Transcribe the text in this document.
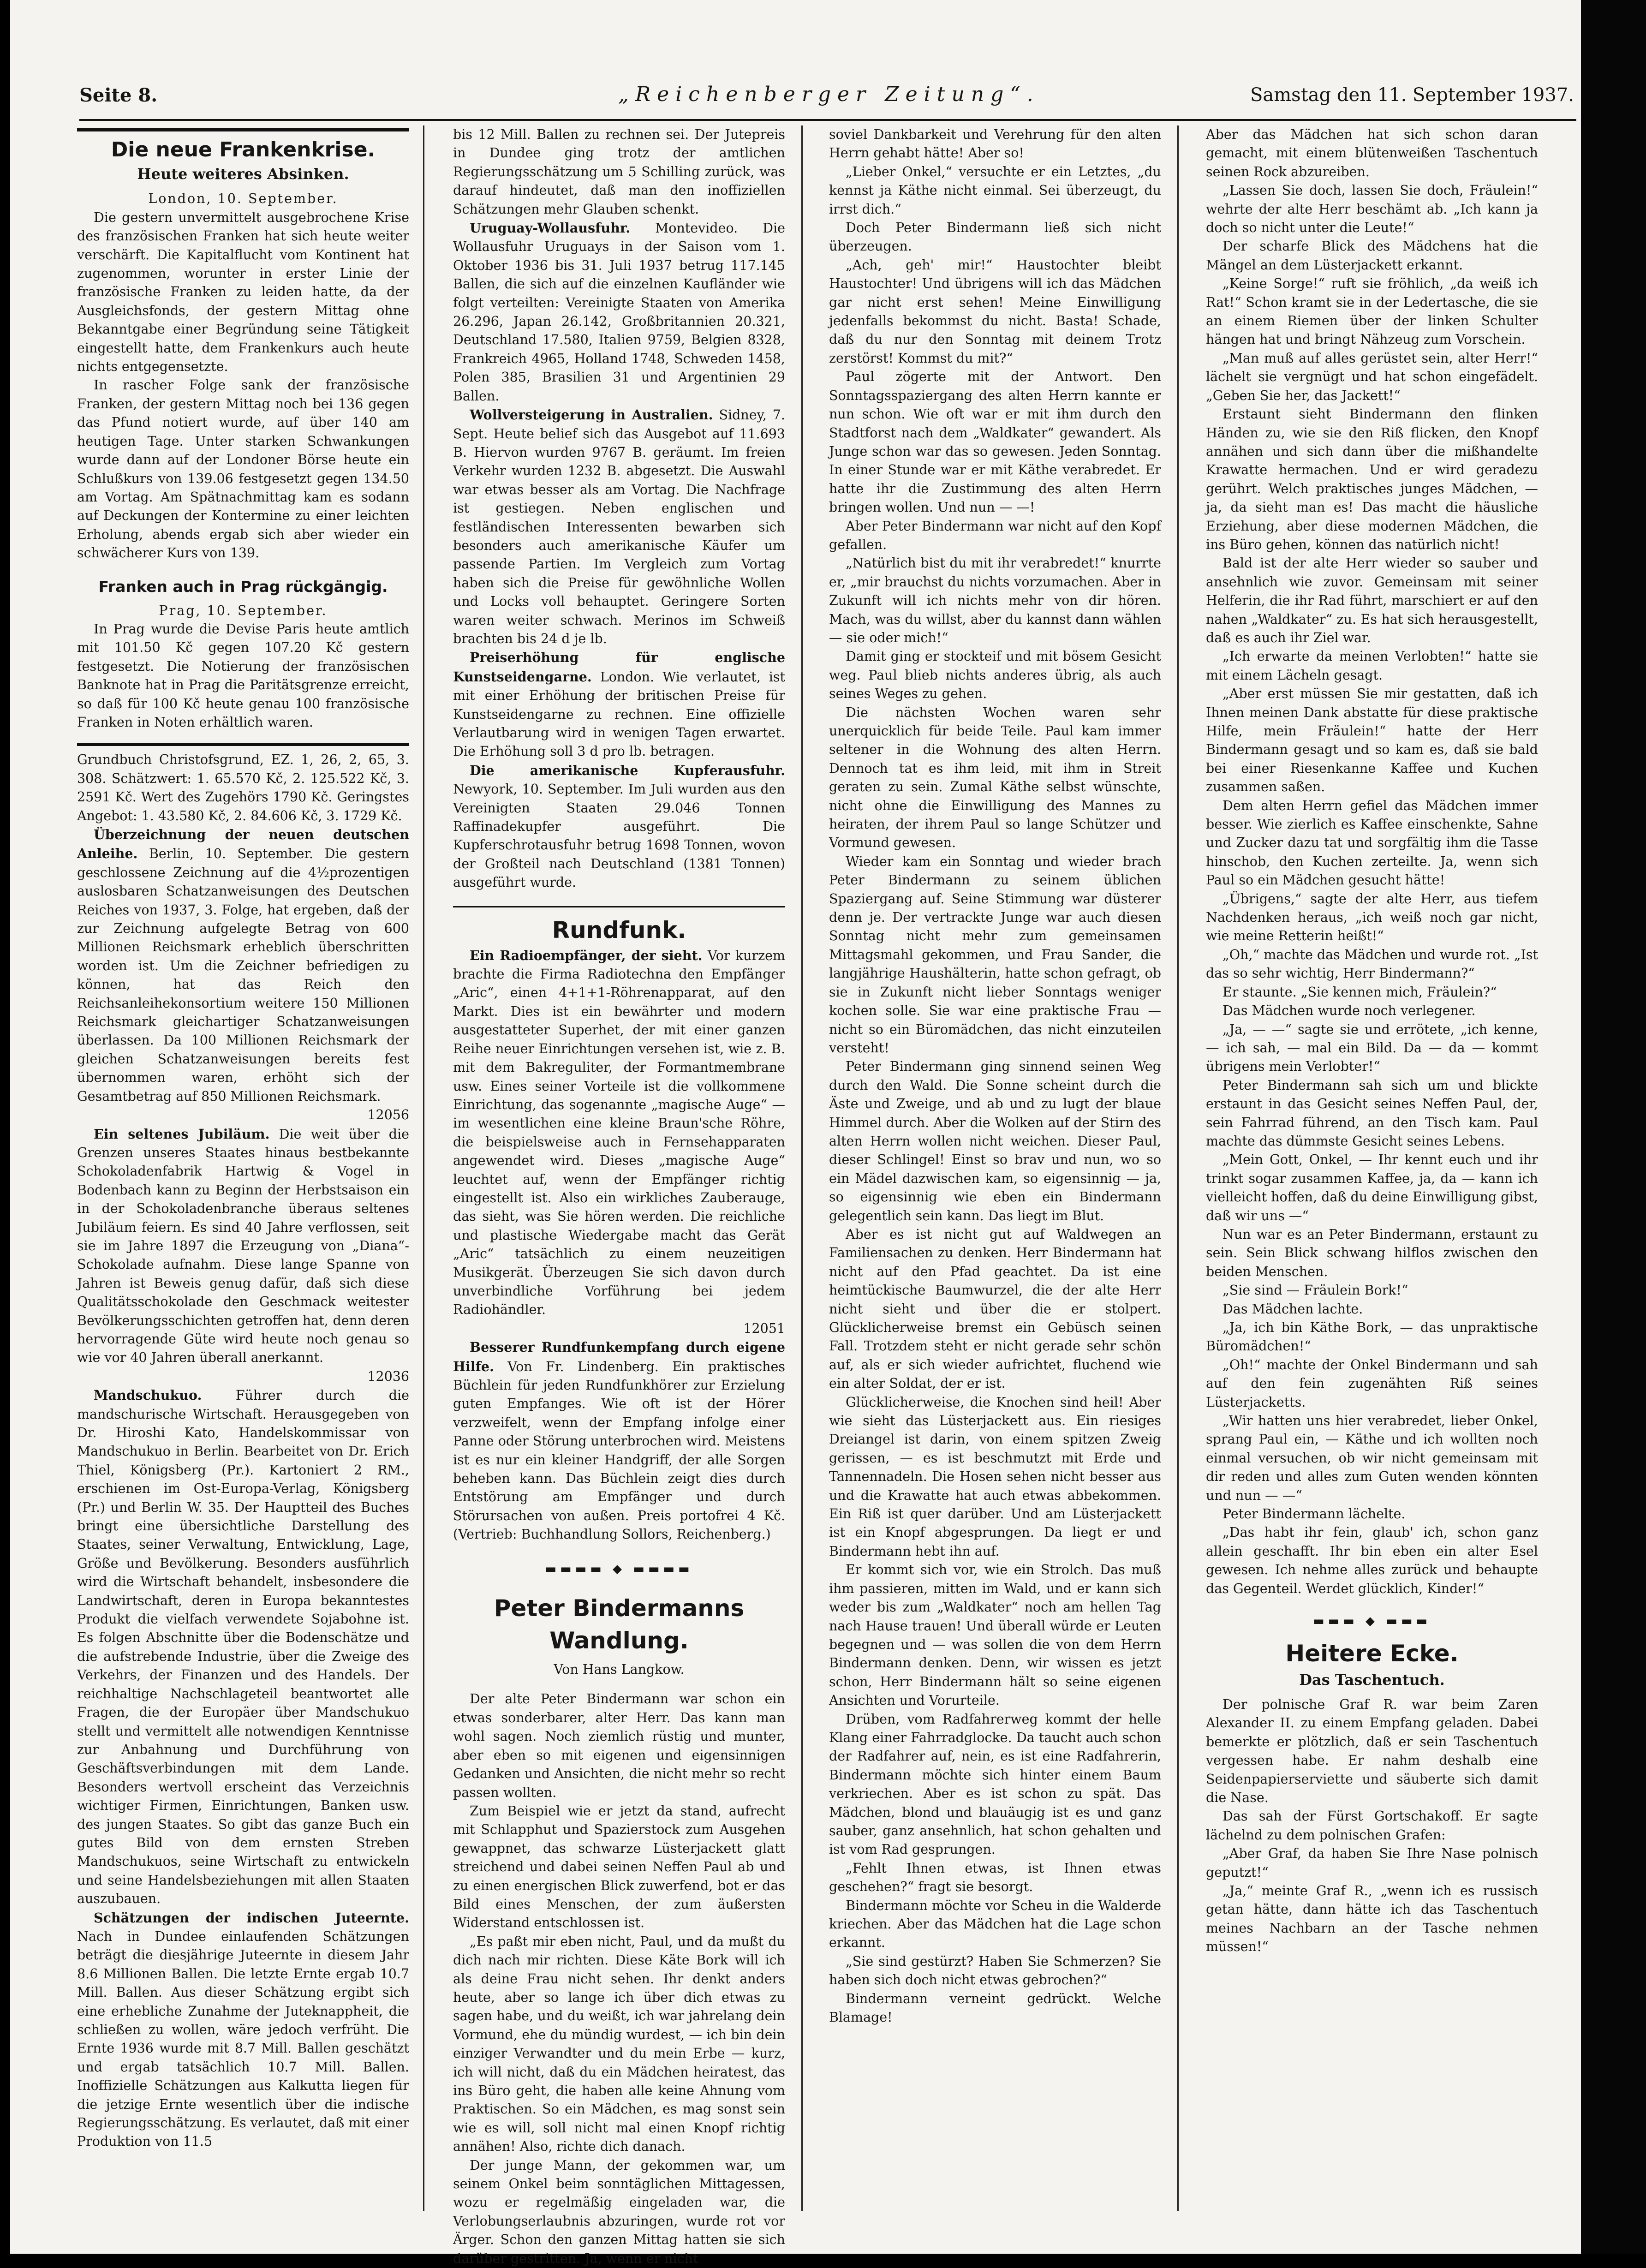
Seite 8.	„Reichenberger Zeitung“.	Samstag den 11. September 1937.
Die neue Frankenkrise.
Heute weiteres Absinken.

London, 10. September.

Die gestern unvermittelt ausgebrochene Krise des französischen Franken hat sich heute weiter verschärft. Die Kapitalflucht vom Kontinent hat zugenommen, worunter in erster Linie der französische Franken zu leiden hatte, da der Ausgleichsfonds, der gestern Mittag ohne Bekanntgabe einer Begründung seine Tätigkeit eingestellt hatte, dem Frankenkurs auch heute nichts entgegensetzte.

In rascher Folge sank der französische Franken, der gestern Mittag noch bei 136 gegen das Pfund notiert wurde, auf über 140 am heutigen Tage. Unter starken Schwankungen wurde dann auf der Londoner Börse heute ein Schlußkurs von 139.06 festgesetzt gegen 134.50 am Vortag. Am Spätnachmittag kam es sodann auf Deckungen der Kontermine zu einer leichten Erholung, abends ergab sich aber wieder ein schwächerer Kurs von 139.

Franken auch in Prag rückgängig.

Prag, 10. September.

In Prag wurde die Devise Paris heute amtlich mit 101.50 Kč gegen 107.20 Kč gestern festgesetzt. Die Notierung der französischen Banknote hat in Prag die Paritätsgrenze erreicht, so daß für 100 Kč heute genau 100 französische Franken in Noten erhältlich waren.

Grundbuch Christofsgrund, EZ. 1, 26, 2, 65, 3. 308. Schätzwert: 1. 65.570 Kč, 2. 125.522 Kč, 3. 2591 Kč. Wert des Zugehörs 1790 Kč. Geringstes Angebot: 1. 43.580 Kč, 2. 84.606 Kč, 3. 1729 Kč.

Überzeichnung der neuen deutschen Anleihe. Berlin, 10. September. Die gestern geschlossene Zeichnung auf die 4½prozentigen auslosbaren Schatzanweisungen des Deutschen Reiches von 1937, 3. Folge, hat ergeben, daß der zur Zeichnung aufgelegte Betrag von 600 Millionen Reichsmark erheblich überschritten worden ist. Um die Zeichner befriedigen zu können, hat das Reich den Reichsanleihekonsortium weitere 150 Millionen Reichsmark gleichartiger Schatzanweisungen überlassen. Da 100 Millionen Reichsmark der gleichen Schatzanweisungen bereits fest übernommen waren, erhöht sich der Gesamtbetrag auf 850 Millionen Reichsmark.

12056

Ein seltenes Jubiläum. Die weit über die Grenzen unseres Staates hinaus bestbekannte Schokoladenfabrik Hartwig & Vogel in Bodenbach kann zu Beginn der Herbstsaison ein in der Schokoladenbranche überaus seltenes Jubiläum feiern. Es sind 40 Jahre verflossen, seit sie im Jahre 1897 die Erzeugung von „Diana“-Schokolade aufnahm. Diese lange Spanne von Jahren ist Beweis genug dafür, daß sich diese Qualitätsschokolade den Geschmack weitester Bevölkerungsschichten getroffen hat, denn deren hervorragende Güte wird heute noch genau so wie vor 40 Jahren überall anerkannt.

12036

Mandschukuo.	Führer durch die mandschurische Wirtschaft. Herausgegeben von Dr. Hiroshi Kato, Handelskommissar von Mandschukuo in Berlin. Bearbeitet von Dr. Erich Thiel, Königsberg (Pr.). Kartoniert 2 RM., erschienen im Ost-Europa-Verlag, Königsberg (Pr.) und Berlin W. 35. Der Hauptteil des Buches bringt eine übersichtliche Darstellung des Staates, seiner Verwaltung, Entwicklung, Lage, Größe und Bevölkerung. Besonders ausführlich wird die Wirtschaft behandelt, insbesondere die Landwirtschaft, deren in Europa bekanntestes Produkt die vielfach verwendete Sojabohne ist. Es folgen Abschnitte über die Bodenschätze und die aufstrebende Industrie, über die Zweige des Verkehrs, der Finanzen und des Handels. Der reichhaltige Nachschlageteil beantwortet alle Fragen, die der Europäer über Mandschukuo stellt und vermittelt alle notwendigen Kenntnisse zur Anbahnung und Durchführung von Geschäftsverbindungen mit dem Lande. Besonders wertvoll erscheint das Verzeichnis wichtiger Firmen, Einrichtungen, Banken usw. des jungen Staates. So gibt das ganze Buch ein gutes Bild von dem ernsten Streben Mandschukuos, seine Wirtschaft zu entwickeln und seine Handelsbeziehungen mit allen Staaten auszubauen.

Schätzungen der indischen Juteernte. Nach in Dundee einlaufenden Schätzungen beträgt die diesjährige Juteernte in diesem Jahr 8.6 Millionen Ballen. Die letzte Ernte ergab 10.7 Mill. Ballen. Aus dieser Schätzung ergibt sich eine erhebliche Zunahme der Juteknappheit, die schließen zu wollen, wäre jedoch verfrüht. Die Ernte 1936 wurde mit 8.7 Mill. Ballen geschätzt und ergab tatsächlich 10.7 Mill. Ballen. Inoffizielle Schätzungen aus Kalkutta liegen für die jetzige Ernte wesentlich über die indische Regierungsschätzung. Es verlautet, daß mit einer Produktion von 11.5

bis 12 Mill. Ballen zu rechnen sei. Der Jutepreis in Dundee ging trotz der amtlichen Regierungsschätzung um 5 Schilling zurück, was darauf hindeutet, daß man den inoffiziellen Schätzungen mehr Glauben schenkt.

Uruguay-Wollausfuhr. Montevideo. Die Wollausfuhr Uruguays in der Saison vom 1. Oktober 1936 bis 31. Juli 1937 betrug 117.145 Ballen, die sich auf die einzelnen Kaufländer wie folgt verteilten: Vereinigte Staaten von Amerika 26.296, Japan 26.142, Großbritannien 20.321, Deutschland 17.580, Italien 9759, Belgien 8328, Frankreich 4965, Holland 1748, Schweden 1458, Polen 385, Brasilien 31 und Argentinien 29 Ballen.

Wollversteigerung in Australien. Sidney, 7. Sept. Heute belief sich das Ausgebot auf 11.693 B. Hiervon wurden 9767 B. geräumt. Im freien Verkehr wurden 1232 B. abgesetzt. Die Auswahl war etwas besser als am Vortag. Die Nachfrage ist gestiegen. Neben englischen und festländischen Interessenten bewarben sich besonders auch amerikanische Käufer um passende Partien. Im Vergleich zum Vortag haben sich die Preise für gewöhnliche Wollen und Locks voll behauptet. Geringere Sorten waren weiter schwach. Merinos im Schweiß brachten bis 24 d je lb.

Preiserhöhung für englische Kunstseidengarne. London. Wie verlautet, ist mit einer Erhöhung der britischen Preise für Kunstseidengarne zu rechnen. Eine offizielle Verlautbarung wird in wenigen Tagen erwartet. Die Erhöhung soll 3 d pro lb. betragen.

Die amerikanische Kupferausfuhr. Newyork, 10. September. Im Juli wurden aus den Vereinigten Staaten 29.046 Tonnen Raffinadekupfer ausgeführt. Die Kupferschrotausfuhr betrug 1698 Tonnen, wovon der Großteil nach Deutschland (1381 Tonnen) ausgeführt wurde.

Rundfunk.

Ein Radioempfänger, der sieht. Vor kurzem brachte die Firma Radiotechna den Empfänger „Aric“, einen 4+1+1-Röhrenapparat, auf den Markt. Dies ist ein bewährter und modern ausgestatteter Superhet, der mit einer ganzen Reihe neuer Einrichtungen versehen ist, wie z. B. mit dem Bakreguliter, der Formantmembrane usw. Eines seiner Vorteile ist die vollkommene Einrichtung, das sogenannte „magische Auge“ — im wesentlichen eine kleine Braun'sche Röhre, die beispielsweise auch in Fernsehapparaten angewendet wird. Dieses „magische Auge“ leuchtet auf, wenn der Empfänger richtig eingestellt ist. Also ein wirkliches Zauberauge, das sieht, was Sie hören werden. Die reichliche und plastische Wiedergabe macht das Gerät „Aric“ tatsächlich zu einem neuzeitigen Musikgerät. Überzeugen Sie sich davon durch unverbindliche Vorführung bei jedem Radiohändler.

12051

Besserer Rundfunkempfang durch eigene Hilfe. Von Fr. Lindenberg. Ein praktisches Büchlein für jeden Rundfunkhörer zur Erzielung guten Empfanges. Wie oft ist der Hörer verzweifelt, wenn der Empfang infolge einer Panne oder Störung unterbrochen wird. Meistens ist es nur ein kleiner Handgriff, der alle Sorgen beheben kann. Das Büchlein zeigt dies durch Entstörung am Empfänger und durch Störursachen von außen. Preis portofrei 4 Kč. (Vertrieb: Buchhandlung Sollors, Reichenberg.)

▬▬▬▬ ◆ ▬▬▬▬
Peter Bindermanns Wandlung.
Von Hans Langkow.

Der alte Peter Bindermann war schon ein etwas sonderbarer, alter Herr. Das kann man wohl sagen. Noch ziemlich rüstig und munter, aber eben so mit eigenen und eigensinnigen Gedanken und Ansichten, die nicht mehr so recht passen wollten.

Zum Beispiel wie er jetzt da stand, aufrecht mit Schlapphut und Spazierstock zum Ausgehen gewappnet, das schwarze Lüsterjackett glatt streichend und dabei seinen Neffen Paul ab und zu einen energischen Blick zuwerfend, bot er das Bild eines Menschen, der zum äußersten Widerstand entschlossen ist.

„Es paßt mir eben nicht, Paul, und da mußt du dich nach mir richten. Diese Käte Bork will ich als deine Frau nicht sehen. Ihr denkt anders heute, aber so lange ich über dich etwas zu sagen habe, und du weißt, ich war jahrelang dein Vormund, ehe du mündig wurdest, — ich bin dein einziger Verwandter und du mein Erbe — kurz, ich will nicht, daß du ein Mädchen heiratest, das ins Büro geht, die haben alle keine Ahnung vom Praktischen. So ein Mädchen, es mag sonst sein wie es will, soll nicht mal einen Knopf richtig annähen! Also, richte dich danach.

Der junge Mann, der gekommen war, um seinem Onkel beim sonntäglichen Mittagessen, wozu er regelmäßig eingeladen war, die Verlobungserlaubnis abzuringen, wurde rot vor Ärger. Schon den ganzen Mittag hatten sie sich darüber gestritten. Ja, wenn er nicht

soviel Dankbarkeit und Verehrung für den alten Herrn gehabt hätte! Aber so!

„Lieber Onkel,“ versuchte er ein Letztes, „du kennst ja Käthe nicht einmal. Sei überzeugt, du irrst dich.“

Doch Peter Bindermann ließ sich nicht überzeugen.

„Ach, geh' mir!“ Haustochter bleibt Haustochter! Und übrigens will ich das Mädchen gar nicht erst sehen! Meine Einwilligung jedenfalls bekommst du nicht. Basta! Schade, daß du nur den Sonntag mit deinem Trotz zerstörst! Kommst du mit?“

Paul zögerte mit der Antwort. Den Sonntagsspaziergang des alten Herrn kannte er nun schon. Wie oft war er mit ihm durch den Stadtforst nach dem „Waldkater“ gewandert. Als Junge schon war das so gewesen. Jeden Sonntag. In einer Stunde war er mit Käthe verabredet. Er hatte ihr die Zustimmung des alten Herrn bringen wollen. Und nun — —!

Aber Peter Bindermann war nicht auf den Kopf gefallen.

„Natürlich bist du mit ihr verabredet!“ knurrte er, „mir brauchst du nichts vorzumachen. Aber in Zukunft will ich nichts mehr von dir hören. Mach, was du willst, aber du kannst dann wählen — sie oder mich!“

Damit ging er stockteif und mit bösem Gesicht weg. Paul blieb nichts anderes übrig, als auch seines Weges zu gehen.

Die nächsten Wochen waren sehr unerquicklich für beide Teile. Paul kam immer seltener in die Wohnung des alten Herrn. Dennoch tat es ihm leid, mit ihm in Streit geraten zu sein. Zumal Käthe selbst wünschte, nicht ohne die Einwilligung des Mannes zu heiraten, der ihrem Paul so lange Schützer und Vormund gewesen.

Wieder kam ein Sonntag und wieder brach Peter Bindermann zu seinem üblichen Spaziergang auf. Seine Stimmung war düsterer denn je. Der vertrackte Junge war auch diesen Sonntag nicht mehr zum gemeinsamen Mittagsmahl gekommen, und Frau Sander, die langjährige Haushälterin, hatte schon gefragt, ob sie in Zukunft nicht lieber Sonntags weniger kochen solle. Sie war eine praktische Frau — nicht so ein Büromädchen, das nicht einzuteilen versteht!

Peter Bindermann ging sinnend seinen Weg durch den Wald. Die Sonne scheint durch die Äste und Zweige, und ab und zu lugt der blaue Himmel durch. Aber die Wolken auf der Stirn des alten Herrn wollen nicht weichen. Dieser Paul, dieser Schlingel! Einst so brav und nun, wo so ein Mädel dazwischen kam, so eigensinnig — ja, so eigensinnig wie eben ein Bindermann gelegentlich sein kann. Das liegt im Blut.

Aber es ist nicht gut auf Waldwegen an Familiensachen zu denken. Herr Bindermann hat nicht auf den Pfad geachtet. Da ist eine heimtückische Baumwurzel, die der alte Herr nicht sieht und über die er stolpert. Glücklicherweise bremst ein Gebüsch seinen Fall. Trotzdem steht er nicht gerade sehr schön auf, als er sich wieder aufrichtet, fluchend wie ein alter Soldat, der er ist.

Glücklicherweise, die Knochen sind heil! Aber wie sieht das Lüsterjackett aus. Ein riesiges Dreiangel ist darin, von einem spitzen Zweig gerissen, — es ist beschmutzt mit Erde und Tannennadeln. Die Hosen sehen nicht besser aus und die Krawatte hat auch etwas abbekommen. Ein Riß ist quer darüber. Und am Lüsterjackett ist ein Knopf abgesprungen. Da liegt er und Bindermann hebt ihn auf.

Er kommt sich vor, wie ein Strolch. Das muß ihm passieren, mitten im Wald, und er kann sich weder bis zum „Waldkater“ noch am hellen Tag nach Hause trauen! Und überall würde er Leuten begegnen und — was sollen die von dem Herrn Bindermann denken. Denn, wir wissen es jetzt schon, Herr Bindermann hält so seine eigenen Ansichten und Vorurteile.

Drüben, vom Radfahrerweg kommt der helle Klang einer Fahrradglocke. Da taucht auch schon der Radfahrer auf, nein, es ist eine Radfahrerin, Bindermann möchte sich hinter einem Baum verkriechen. Aber es ist schon zu spät. Das Mädchen, blond und blauäugig ist es und ganz sauber, ganz ansehnlich, hat schon gehalten und ist vom Rad gesprungen.

„Fehlt Ihnen etwas, ist Ihnen etwas geschehen?“ fragt sie besorgt.

Bindermann möchte vor Scheu in die Walderde kriechen. Aber das Mädchen hat die Lage schon erkannt.

„Sie sind gestürzt? Haben Sie Schmerzen? Sie haben sich doch nicht etwas gebrochen?“

Bindermann verneint gedrückt. Welche Blamage!

Aber das Mädchen hat sich schon daran gemacht, mit einem blütenweißen Taschentuch seinen Rock abzureiben.

„Lassen Sie doch, lassen Sie doch, Fräulein!“ wehrte der alte Herr beschämt ab. „Ich kann ja doch so nicht unter die Leute!“

Der scharfe Blick des Mädchens hat die Mängel an dem Lüsterjackett erkannt.

„Keine Sorge!“ ruft sie fröhlich, „da weiß ich Rat!“ Schon kramt sie in der Ledertasche, die sie an einem Riemen über der linken Schulter hängen hat und bringt Nähzeug zum Vorschein.

„Man muß auf alles gerüstet sein, alter Herr!“ lächelt sie vergnügt und hat schon eingefädelt. „Geben Sie her, das Jackett!“

Erstaunt sieht Bindermann den flinken Händen zu, wie sie den Riß flicken, den Knopf annähen und sich dann über die mißhandelte Krawatte hermachen. Und er wird geradezu gerührt. Welch praktisches junges Mädchen, — ja, da sieht man es! Das macht die häusliche Erziehung, aber diese modernen Mädchen, die ins Büro gehen, können das natürlich nicht!

Bald ist der alte Herr wieder so sauber und ansehnlich wie zuvor. Gemeinsam mit seiner Helferin, die ihr Rad führt, marschiert er auf den nahen „Waldkater“ zu. Es hat sich herausgestellt, daß es auch ihr Ziel war.

„Ich erwarte da meinen Verlobten!“ hatte sie mit einem Lächeln gesagt.

„Aber erst müssen Sie mir gestatten, daß ich Ihnen meinen Dank abstatte für diese praktische Hilfe, mein Fräulein!“ hatte der Herr Bindermann gesagt und so kam es, daß sie bald bei einer Riesenkanne Kaffee und Kuchen zusammen saßen.

Dem alten Herrn gefiel das Mädchen immer besser. Wie zierlich es Kaffee einschenkte, Sahne und Zucker dazu tat und sorgfältig ihm die Tasse hinschob, den Kuchen zerteilte. Ja, wenn sich Paul so ein Mädchen gesucht hätte!

„Übrigens,“ sagte der alte Herr, aus tiefem Nachdenken heraus, „ich weiß noch gar nicht, wie meine Retterin heißt!“

„Oh,“ machte das Mädchen und wurde rot. „Ist das so sehr wichtig, Herr Bindermann?“

Er staunte. „Sie kennen mich, Fräulein?“

Das Mädchen wurde noch verlegener.

„Ja, — —“ sagte sie und errötete, „ich kenne, — ich sah, — mal ein Bild. Da — da — kommt übrigens mein Verlobter!“

Peter Bindermann sah sich um und blickte erstaunt in das Gesicht seines Neffen Paul, der, sein Fahrrad führend, an den Tisch kam. Paul machte das dümmste Gesicht seines Lebens.

„Mein Gott, Onkel, — Ihr kennt euch und ihr trinkt sogar zusammen Kaffee, ja, da — kann ich vielleicht hoffen, daß du deine Einwilligung gibst, daß wir uns —“

Nun war es an Peter Bindermann, erstaunt zu sein. Sein Blick schwang hilflos zwischen den beiden Menschen.

„Sie sind — Fräulein Bork!“

Das Mädchen lachte.

„Ja, ich bin Käthe Bork, — das unpraktische Büromädchen!“

„Oh!“ machte der Onkel Bindermann und sah auf den fein zugenähten Riß seines Lüsterjacketts.

„Wir hatten uns hier verabredet, lieber Onkel, sprang Paul ein, — Käthe und ich wollten noch einmal versuchen, ob wir nicht gemeinsam mit dir reden und alles zum Guten wenden könnten und nun — —“

Peter Bindermann lächelte.

„Das habt ihr fein, glaub' ich, schon ganz allein geschafft. Ihr bin eben ein alter Esel gewesen. Ich nehme alles zurück und behaupte das Gegenteil. Werdet glücklich, Kinder!“

▬▬▬ ◆ ▬▬▬
Heitere Ecke.
Das Taschentuch.

Der polnische Graf R. war beim Zaren Alexander II. zu einem Empfang geladen. Dabei bemerkte er plötzlich, daß er sein Taschentuch vergessen habe. Er nahm deshalb eine Seidenpapierserviette und säuberte sich damit die Nase.

Das sah der Fürst Gortschakoff. Er sagte lächelnd zu dem polnischen Grafen:

„Aber Graf, da haben Sie Ihre Nase polnisch geputzt!“

„Ja,“ meinte Graf R., „wenn ich es russisch getan hätte, dann hätte ich das Taschentuch meines Nachbarn an der Tasche nehmen müssen!“
